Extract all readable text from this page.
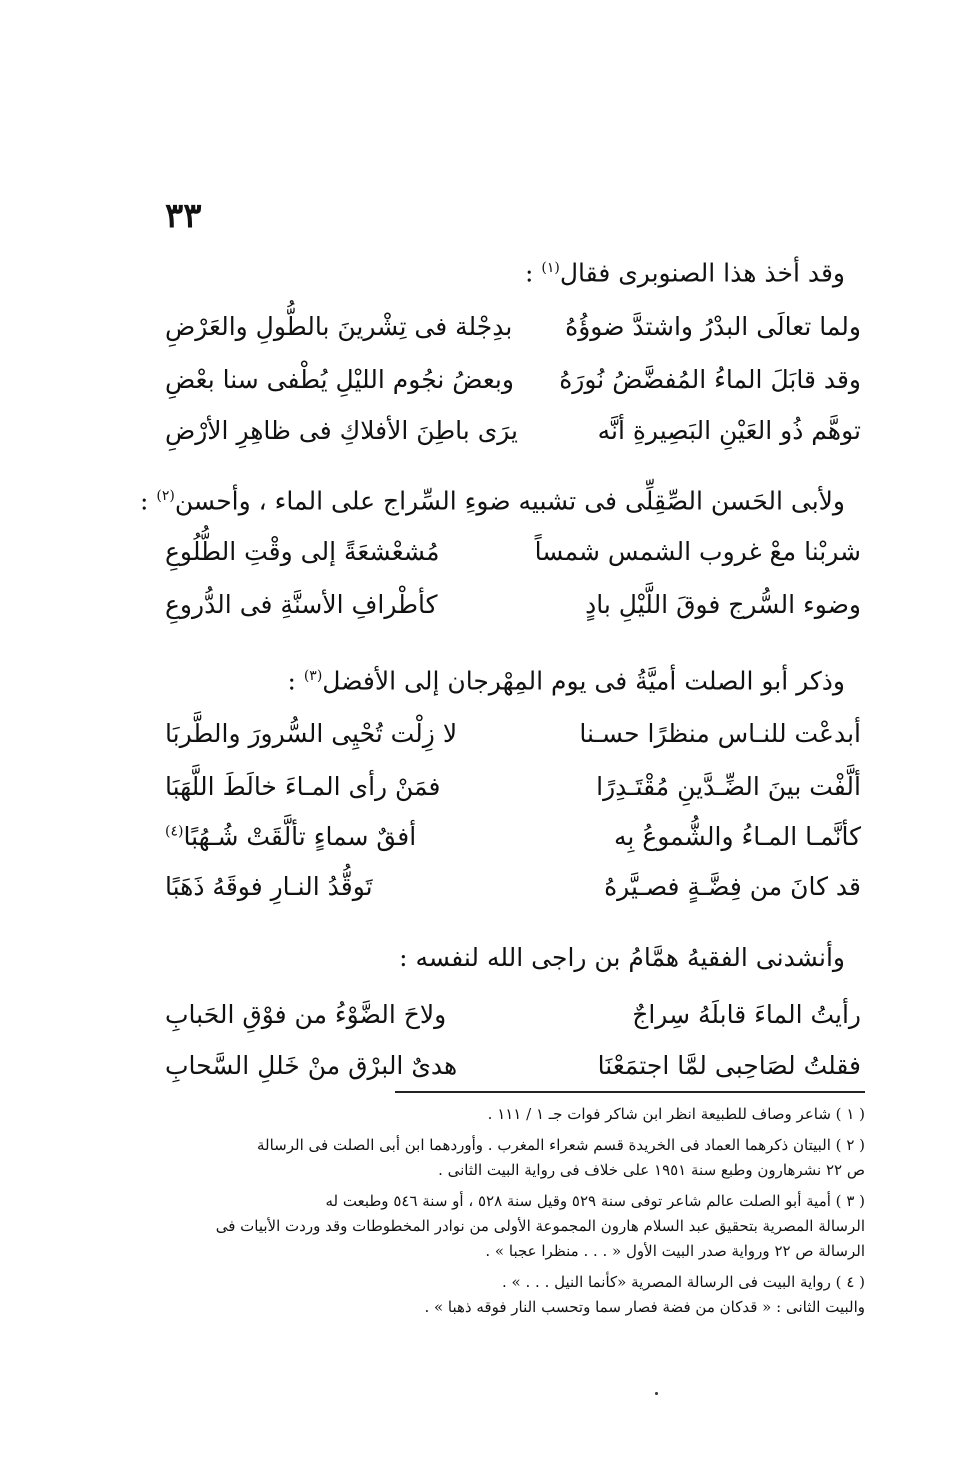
٣٣
وقد أخذ هذا الصنوبرى فقال$^{(١)}$ :
ولما تعالَى البدْرُ واشتدَّ ضوؤُهُ
بدِجْلة فى تِشْرينَ بالطُّولِ والعَرْضِ
وقد قابَلَ الماءُ المُفضَّضُ نُورَهُ
وبعضُ نجُوم الليْلِ يُطْفى سنا بعْضِ
توهَّم ذُو العَيْنِ البَصِيرةِ أنَّه
يرَى باطِنَ الأفلاكِ فى ظاهِرِ الأرْضِ
ولأبى الحَسن الصِّقِلِّى فى تشبيه ضوءِ السِّراج على الماء ، وأحسن$^{(٢)}$ :
شربْنا معْ غروب الشمس شمساً
مُشعْشعَةً إلى وقْتِ الطُّلُوعِ
وضوء السُّرج فوقَ اللَّيْلِ بادٍ
كأطْرافِ الأسنَّةِ فى الدُّروعِ
وذكر أبو الصلت أميَّةُ فى يوم المِهْرجان إلى الأفضل$^{(٣)}$ :
أبدعْت للنـاس منظرًا حسـنا
لا زِلْت تُحْيِى السُّرورَ والطَّربَا
ألَّفْت بينَ الضِّـدَّينِ مُقْتَـدِرًا
فمَنْ رأى المـاءَ خالَطَ اللَّهَبَا
كأنَّمـا المـاءُ والشُّموعُ بِه
أفقٌ سماءٍ تألَّقَتْ شُـهُبًا$^{(٤)}$
قد كانَ من فِضَّـةٍ فصـيَّرهُ
تَوقُّدُ النـارِ فوقَهُ ذَهَبًا
وأنشدنى الفقيهُ همَّامُ بن راجى الله لنفسه :
رأيتُ الماءَ قابلَهُ سِراجٌ
ولاحَ الضَّوْءُ من فوْقِ الحَبابِ
فقلتُ لصَاحِبى لمَّا اجتمَعْنَا
هدىٌ البرْق منْ خَللِ السَّحابِ
( ١ ) شاعر وصاف للطبيعة انظر ابن شاكر فوات جـ ١ / ١١١ .
( ٢ ) البيتان ذكرهما العماد فى الخريدة قسم شعراء المغرب . وأوردهما ابن أبى الصلت فى الرسالة
ص ٢٢ نشرهارون وطبع سنة ١٩٥١ على خلاف فى رواية البيت الثانى .
( ٣ ) أمية أبو الصلت عالم شاعر توفى سنة ٥٢٩ وقيل سنة ٥٢٨ ، أو سنة ٥٤٦ وطبعت له
الرسالة المصرية بتحقيق عبد السلام هارون المجموعة الأولى من نوادر المخطوطات وقد وردت الأبيات فى
الرسالة ص ٢٢ ورواية صدر البيت الأول « . . . منظرا عجبا » .
( ٤ ) رواية البيت فى الرسالة المصرية «كأنما النيل . . . » .
والبيت الثانى : « قدكان من فضة فصار سما وتحسب النار فوقه ذهبا » .
